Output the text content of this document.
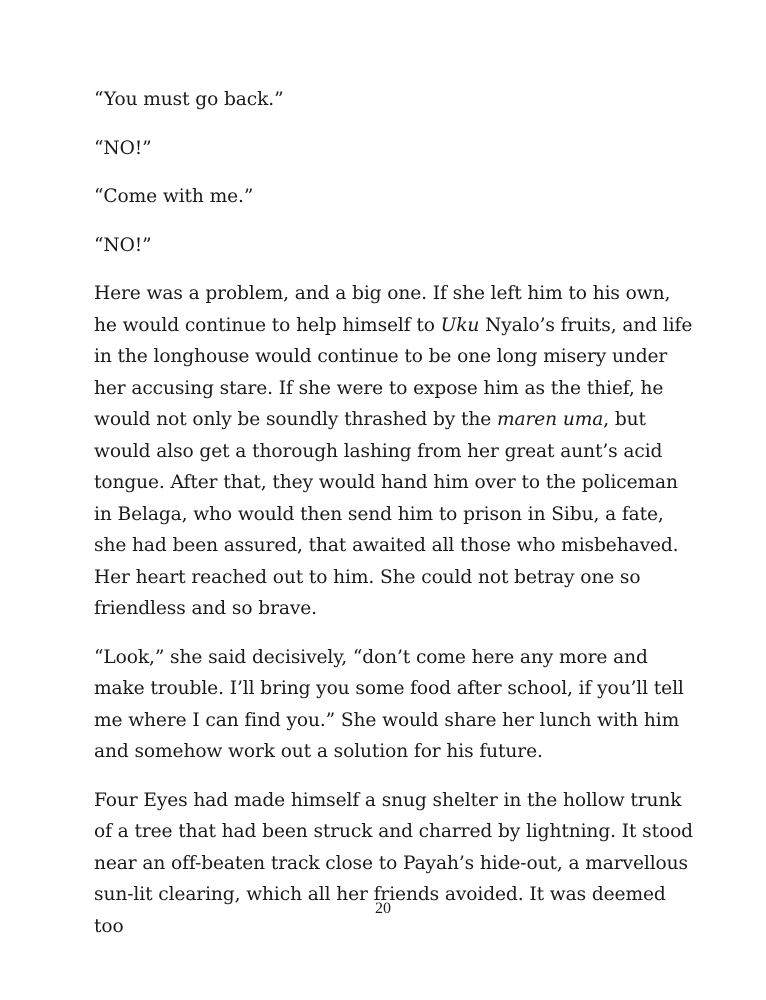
“You must go back.”

“NO!”

“Come with me.”

“NO!”

Here was a problem, and a big one. If she left him to his own, he would continue to help himself to Uku Nyalo’s fruits, and life in the longhouse would continue to be one long misery under her accusing stare. If she were to expose him as the thief, he would not only be soundly thrashed by the maren uma, but would also get a thorough lashing from her great aunt’s acid tongue. After that, they would hand him over to the policeman in Belaga, who would then send him to prison in Sibu, a fate, she had been assured, that awaited all those who misbehaved. Her heart reached out to him. She could not betray one so friendless and so brave.

“Look,” she said decisively, “don’t come here any more and make trouble. I’ll bring you some food after school, if you’ll tell me where I can find you.” She would share her lunch with him and somehow work out a solution for his future.

Four Eyes had made himself a snug shelter in the hollow trunk of a tree that had been struck and charred by lightning. It stood near an off-beaten track close to Payah’s hide-out, a marvellous sun-lit clearing, which all her friends avoided. It was deemed too

20
